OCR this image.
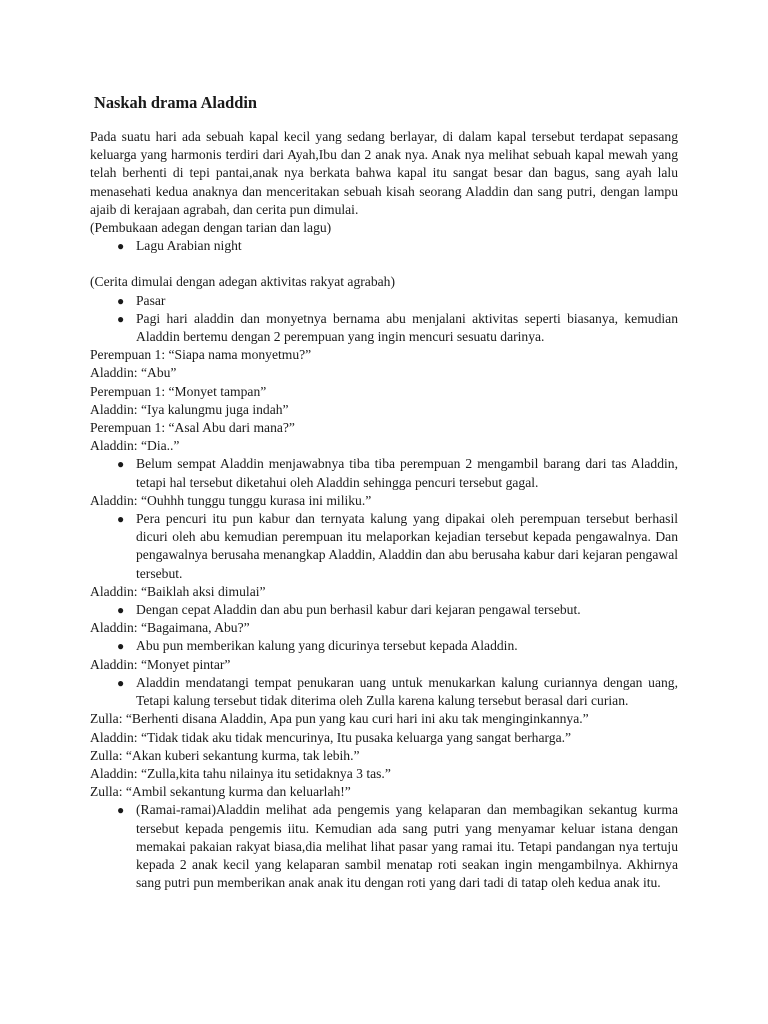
Naskah drama Aladdin

Pada suatu hari ada sebuah kapal kecil yang sedang berlayar, di dalam kapal tersebut terdapat sepasang keluarga yang harmonis terdiri dari Ayah,Ibu dan 2 anak nya. Anak nya melihat sebuah kapal mewah yang telah berhenti di tepi pantai,anak nya berkata bahwa kapal itu sangat besar dan bagus, sang ayah lalu menasehati kedua anaknya dan menceritakan sebuah kisah seorang Aladdin dan sang putri, dengan lampu ajaib di kerajaan agrabah, dan cerita pun dimulai.

(Pembukaan adegan dengan tarian dan lagu)

● Lagu Arabian night

(Cerita dimulai dengan adegan aktivitas rakyat agrabah)

● Pasar
● Pagi hari aladdin dan monyetnya bernama abu menjalani aktivitas seperti biasanya, kemudian Aladdin bertemu dengan 2 perempuan yang ingin mencuri sesuatu darinya.

Perempuan 1: “Siapa nama monyetmu?”

Aladdin: “Abu”

Perempuan 1: “Monyet tampan”

Aladdin: “Iya kalungmu juga indah”

Perempuan 1: “Asal Abu dari mana?”

Aladdin: “Dia..”

● Belum sempat Aladdin menjawabnya tiba tiba perempuan 2 mengambil barang dari tas Aladdin, tetapi hal tersebut diketahui oleh Aladdin sehingga pencuri tersebut gagal.

Aladdin: “Ouhhh tunggu tunggu kurasa ini miliku.”

● Pera pencuri itu pun kabur dan ternyata kalung yang dipakai oleh perempuan tersebut berhasil dicuri oleh abu kemudian perempuan itu melaporkan kejadian tersebut kepada pengawalnya. Dan pengawalnya berusaha menangkap Aladdin, Aladdin dan abu berusaha kabur dari kejaran pengawal tersebut.

Aladdin: “Baiklah aksi dimulai”

● Dengan cepat Aladdin dan abu pun berhasil kabur dari kejaran pengawal tersebut.

Aladdin: “Bagaimana, Abu?”

● Abu pun memberikan kalung yang dicurinya tersebut kepada Aladdin.

Aladdin: “Monyet pintar”

● Aladdin mendatangi tempat penukaran uang untuk menukarkan kalung curiannya dengan uang, Tetapi kalung tersebut tidak diterima oleh Zulla karena kalung tersebut berasal dari curian.

Zulla: “Berhenti disana Aladdin, Apa pun yang kau curi hari ini aku tak menginginkannya.”

Aladdin: “Tidak tidak aku tidak mencurinya, Itu pusaka keluarga yang sangat berharga.”

Zulla: “Akan kuberi sekantung kurma, tak lebih.”

Aladdin: “Zulla,kita tahu nilainya itu setidaknya 3 tas.”

Zulla: “Ambil sekantung kurma dan keluarlah!”

● (Ramai-ramai)Aladdin melihat ada pengemis yang kelaparan dan membagikan sekantug kurma tersebut kepada pengemis iitu. Kemudian ada sang putri yang menyamar keluar istana dengan memakai pakaian rakyat biasa,dia melihat lihat pasar yang ramai itu. Tetapi pandangan nya tertuju kepada 2 anak kecil yang kelaparan sambil menatap roti seakan ingin mengambilnya. Akhirnya sang putri pun memberikan anak anak itu dengan roti yang dari tadi di tatap oleh kedua anak itu.
